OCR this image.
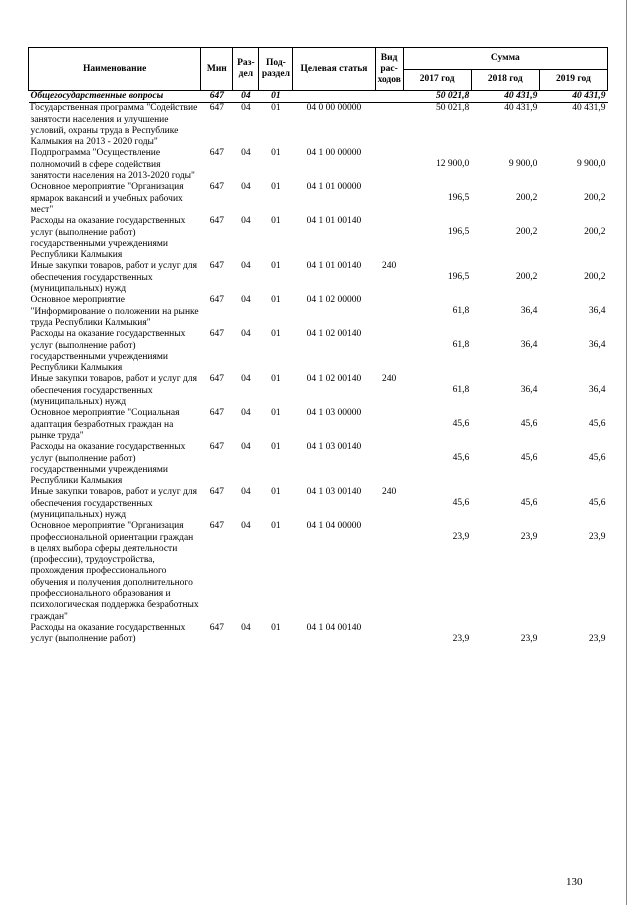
Наименование	Мин	Раз-дел	Под-раздел	Целевая статья	Вид рас-ходов	Сумма		
						2017 год	2018 год	2019 год
Общегосударственные вопросы	647	04	01			50 021,8	40 431,9	40 431,9
Государственная программа "Содействие занятости населения и улучшение условий, охраны труда в Республике Калмыкия на 2013 - 2020 годы"	647	04	01	04 0 00 00000		50 021,8	40 431,9	40 431,9
Подпрограмма "Осуществление полномочий в сфере содействия занятости населения на 2013-2020 годы"	647	04	01	04 1 00 00000		12 900,0	9 900,0	9 900,0
Основное мероприятие "Организация ярмарок вакансий и учебных рабочих мест"	647	04	01	04 1 01 00000		196,5	200,2	200,2
Расходы на оказание государственных услуг (выполнение работ) государственными учреждениями Республики Калмыкия	647	04	01	04 1 01 00140		196,5	200,2	200,2
Иные закупки товаров, работ и услуг для обеспечения государственных (муниципальных) нужд	647	04	01	04 1 01 00140	240	196,5	200,2	200,2
Основное мероприятие "Информирование о положении на рынке труда Республики Калмыкия"	647	04	01	04 1 02 00000		61,8	36,4	36,4
Расходы на оказание государственных услуг (выполнение работ) государственными учреждениями Республики Калмыкия	647	04	01	04 1 02 00140		61,8	36,4	36,4
Иные закупки товаров, работ и услуг для обеспечения государственных (муниципальных) нужд	647	04	01	04 1 02 00140	240	61,8	36,4	36,4
Основное мероприятие "Социальная адаптация безработных граждан на рынке труда"	647	04	01	04 1 03 00000		45,6	45,6	45,6
Расходы на оказание государственных услуг (выполнение работ) государственными учреждениями Республики Калмыкия	647	04	01	04 1 03 00140		45,6	45,6	45,6
Иные закупки товаров, работ и услуг для обеспечения государственных (муниципальных) нужд	647	04	01	04 1 03 00140	240	45,6	45,6	45,6
Основное мероприятие "Организация профессиональной ориентации граждан в целях выбора сферы деятельности (профессии), трудоустройства, прохождения профессионального обучения и получения дополнительного профессионального образования и психологическая поддержка безработных граждан"	647	04	01	04 1 04 00000		23,9	23,9	23,9
Расходы на оказание государственных услуг (выполнение работ)	647	04	01	04 1 04 00140		23,9	23,9	23,9
130
